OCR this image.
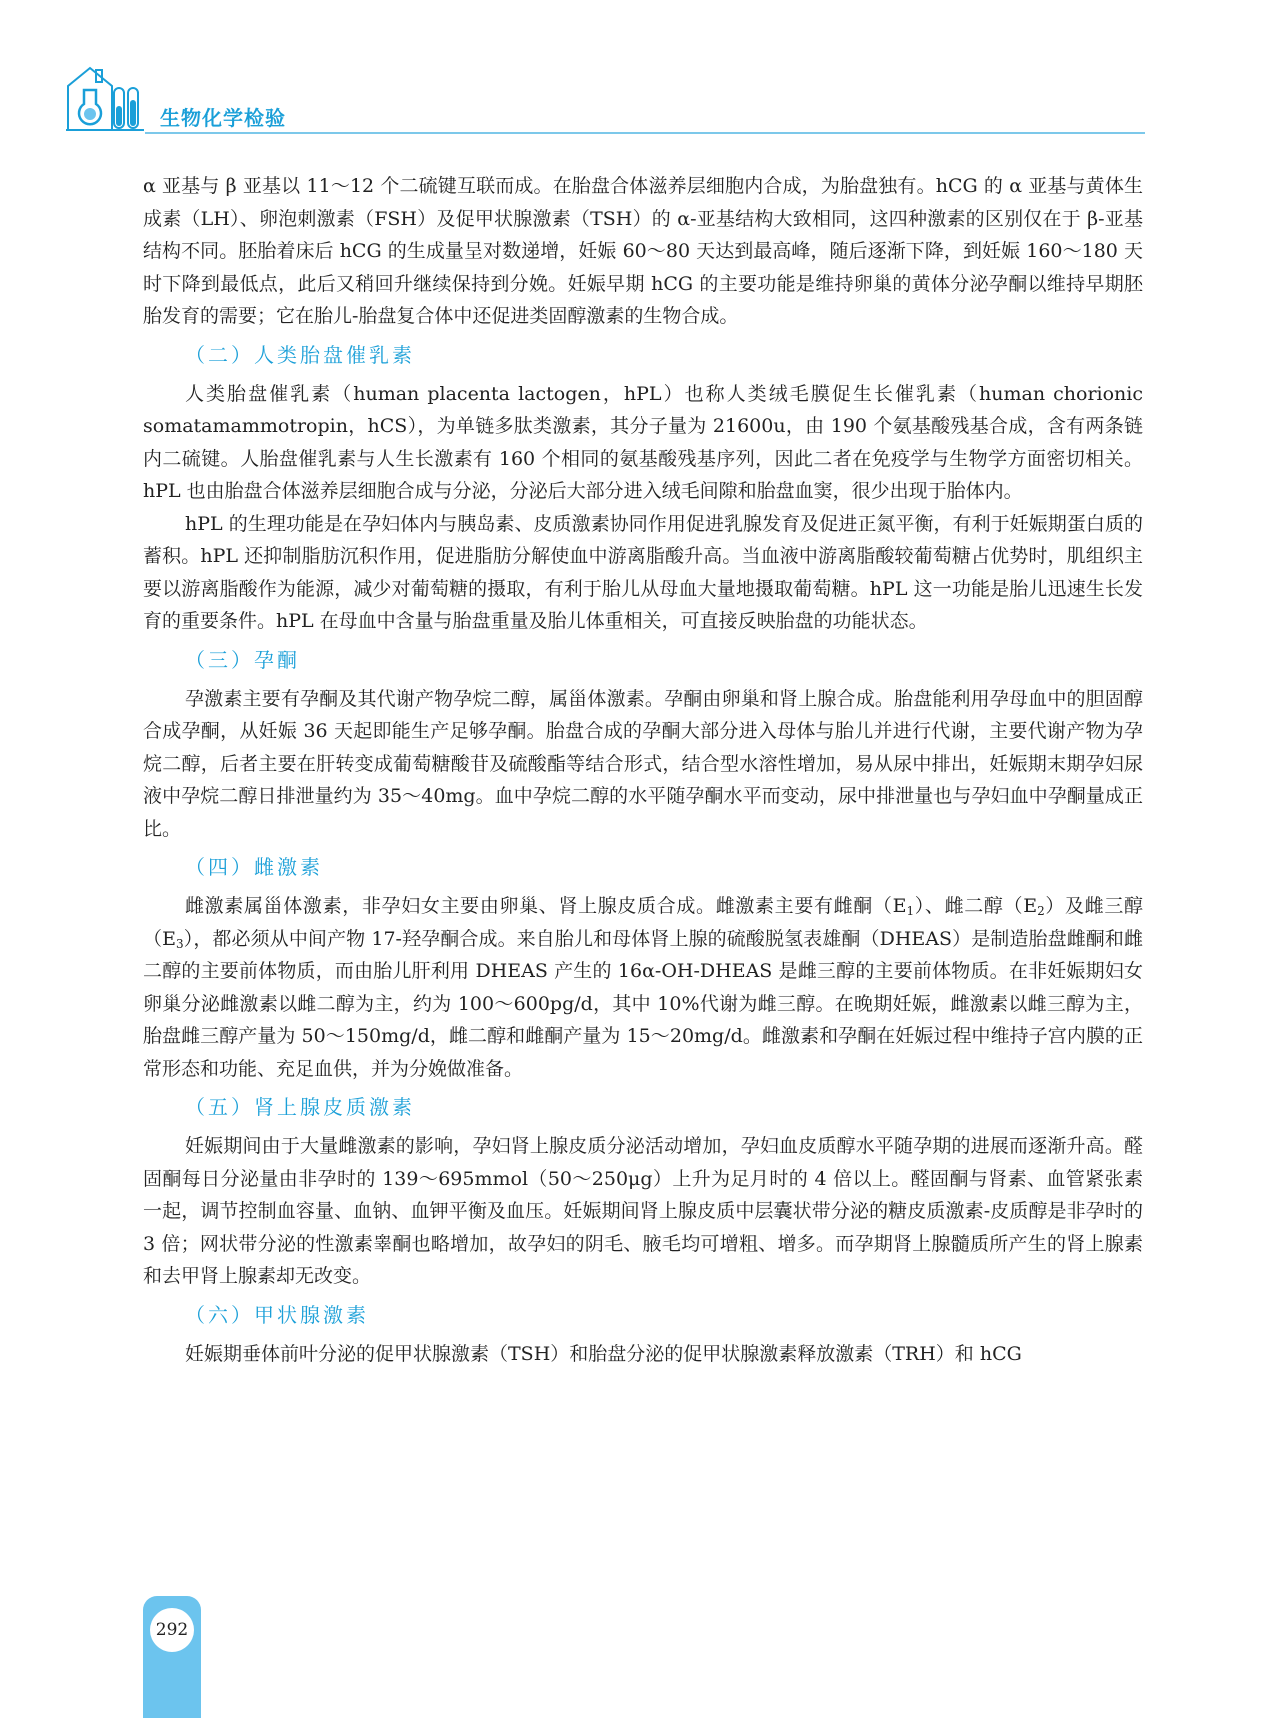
生物化学检验

α 亚基与 β 亚基以 11～12 个二硫键互联而成。在胎盘合体滋养层细胞内合成，为胎盘独有。hCG 的 α 亚基与黄体生成素（LH）、卵泡刺激素（FSH）及促甲状腺激素（TSH）的 α-亚基结构大致相同，这四种激素的区别仅在于 β-亚基结构不同。胚胎着床后 hCG 的生成量呈对数递增，妊娠 60～80 天达到最高峰，随后逐渐下降，到妊娠 160～180 天时下降到最低点，此后又稍回升继续保持到分娩。妊娠早期 hCG 的主要功能是维持卵巢的黄体分泌孕酮以维持早期胚胎发育的需要；它在胎儿-胎盘复合体中还促进类固醇激素的生物合成。

（二）人类胎盘催乳素

人类胎盘催乳素（human placenta lactogen，hPL）也称人类绒毛膜促生长催乳素（human chorionic somatamammotropin，hCS），为单链多肽类激素，其分子量为 21600u，由 190 个氨基酸残基合成，含有两条链内二硫键。人胎盘催乳素与人生长激素有 160 个相同的氨基酸残基序列，因此二者在免疫学与生物学方面密切相关。hPL 也由胎盘合体滋养层细胞合成与分泌，分泌后大部分进入绒毛间隙和胎盘血窦，很少出现于胎体内。

hPL 的生理功能是在孕妇体内与胰岛素、皮质激素协同作用促进乳腺发育及促进正氮平衡，有利于妊娠期蛋白质的蓄积。hPL 还抑制脂肪沉积作用，促进脂肪分解使血中游离脂酸升高。当血液中游离脂酸较葡萄糖占优势时，肌组织主要以游离脂酸作为能源，减少对葡萄糖的摄取，有利于胎儿从母血大量地摄取葡萄糖。hPL 这一功能是胎儿迅速生长发育的重要条件。hPL 在母血中含量与胎盘重量及胎儿体重相关，可直接反映胎盘的功能状态。

（三）孕酮

孕激素主要有孕酮及其代谢产物孕烷二醇，属甾体激素。孕酮由卵巢和肾上腺合成。胎盘能利用孕母血中的胆固醇合成孕酮，从妊娠 36 天起即能生产足够孕酮。胎盘合成的孕酮大部分进入母体与胎儿并进行代谢，主要代谢产物为孕烷二醇，后者主要在肝转变成葡萄糖酸苷及硫酸酯等结合形式，结合型水溶性增加，易从尿中排出，妊娠期末期孕妇尿液中孕烷二醇日排泄量约为 35～40mg。血中孕烷二醇的水平随孕酮水平而变动，尿中排泄量也与孕妇血中孕酮量成正比。

（四）雌激素

雌激素属甾体激素，非孕妇女主要由卵巢、肾上腺皮质合成。雌激素主要有雌酮$(E_1)$、雌二醇$(E_2)$及雌三醇$(E_3)$，都必须从中间产物 17-羟孕酮合成。来自胎儿和母体肾上腺的硫酸脱氢表雄酮（DHEAS）是制造胎盘雌酮和雌二醇的主要前体物质，而由胎儿肝利用 DHEAS 产生的 16α-OH-DHEAS 是雌三醇的主要前体物质。在非妊娠期妇女卵巢分泌雌激素以雌二醇为主，约为 100～600pg/d，其中 10%代谢为雌三醇。在晚期妊娠，雌激素以雌三醇为主，胎盘雌三醇产量为 50～150mg/d，雌二醇和雌酮产量为 15～20mg/d。雌激素和孕酮在妊娠过程中维持子宫内膜的正常形态和功能、充足血供，并为分娩做准备。

（五）肾上腺皮质激素

妊娠期间由于大量雌激素的影响，孕妇肾上腺皮质分泌活动增加，孕妇血皮质醇水平随孕期的进展而逐渐升高。醛固酮每日分泌量由非孕时的 139～695mmol（50～250μg）上升为足月时的 4 倍以上。醛固酮与肾素、血管紧张素一起，调节控制血容量、血钠、血钾平衡及血压。妊娠期间肾上腺皮质中层囊状带分泌的糖皮质激素-皮质醇是非孕时的 3 倍；网状带分泌的性激素睾酮也略增加，故孕妇的阴毛、腋毛均可增粗、增多。而孕期肾上腺髓质所产生的肾上腺素和去甲肾上腺素却无改变。

（六）甲状腺激素

妊娠期垂体前叶分泌的促甲状腺激素（TSH）和胎盘分泌的促甲状腺激素释放激素（TRH）和 hCG

292
